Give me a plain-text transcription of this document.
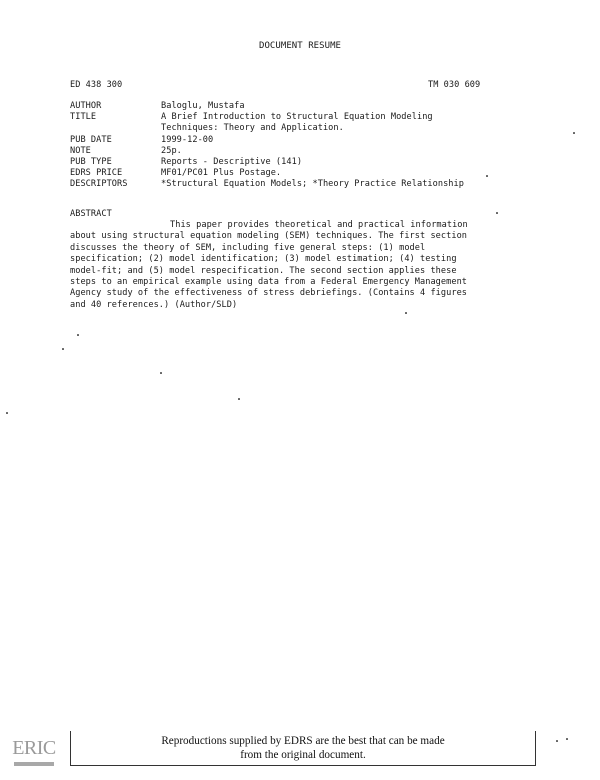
DOCUMENT RESUME
ED 438 300	TM 030 609
AUTHOR	Baloglu, Mustafa
TITLE	A Brief Introduction to Structural Equation Modeling
Techniques: Theory and Application.
PUB DATE	1999-12-00
NOTE	25p.
PUB TYPE	Reports - Descriptive (141)
EDRS PRICE	MF01/PC01 Plus Postage.
DESCRIPTORS	*Structural Equation Models; *Theory Practice Relationship
ABSTRACT
This paper provides theoretical and practical information
about using structural equation modeling (SEM) techniques. The first section
discusses the theory of SEM, including five general steps: (1) model
specification; (2) model identification; (3) model estimation; (4) testing
model-fit; and (5) model respecification. The second section applies these
steps to an empirical example using data from a Federal Emergency Management
Agency study of the effectiveness of stress debriefings. (Contains 4 figures
and 40 references.) (Author/SLD)
ERIC	Reproductions supplied by EDRS are the best that can be made
from the original document.
